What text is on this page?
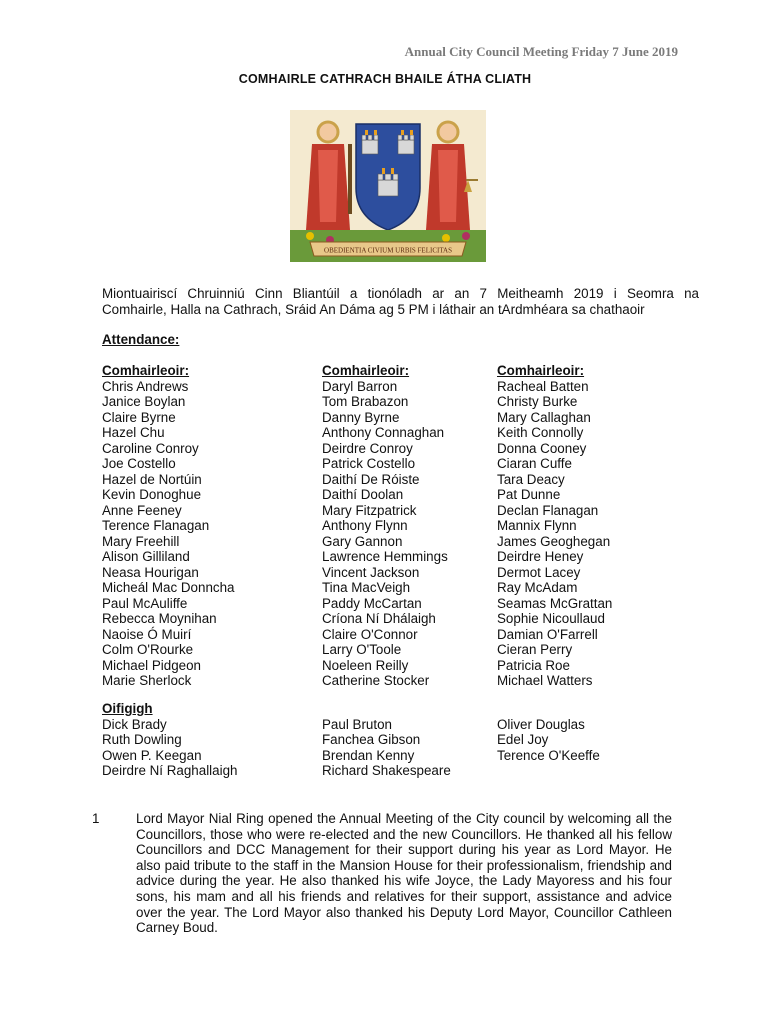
Annual City Council Meeting Friday 7 June 2019
COMHAIRLE CATHRACH BHAILE ÁTHA CLIATH
OBEDIENTIA CIVIUM URBIS FELICITAS
Miontuairiscí Chruinniú Cinn Bliantúil a tionóladh ar an 7 Meitheamh 2019 i Seomra na
Comhairle, Halla na Cathrach, Sráid An Dáma ag 5 PM i láthair an tArdmhéara sa chathaoir
Attendance:
Comhairleoir:
Chris Andrews
Janice Boylan
Claire Byrne
Hazel Chu
Caroline Conroy
Joe Costello
Hazel de Nortúin
Kevin Donoghue
Anne Feeney
Terence Flanagan
Mary Freehill
Alison Gilliland
Neasa Hourigan
Micheál Mac Donncha
Paul McAuliffe
Rebecca Moynihan
Naoise Ó Muirí
Colm O'Rourke
Michael Pidgeon
Marie Sherlock
Comhairleoir:
Daryl Barron
Tom Brabazon
Danny Byrne
Anthony Connaghan
Deirdre Conroy
Patrick Costello
Daithí De Róiste
Daithí Doolan
Mary Fitzpatrick
Anthony Flynn
Gary Gannon
Lawrence Hemmings
Vincent Jackson
Tina MacVeigh
Paddy McCartan
Críona Ní Dhálaigh
Claire O'Connor
Larry O'Toole
Noeleen Reilly
Catherine Stocker
Comhairleoir:
Racheal Batten
Christy Burke
Mary Callaghan
Keith Connolly
Donna Cooney
Ciaran Cuffe
Tara Deacy
Pat Dunne
Declan Flanagan
Mannix Flynn
James Geoghegan
Deirdre Heney
Dermot Lacey
Ray McAdam
Seamas McGrattan
Sophie Nicoullaud
Damian O'Farrell
Cieran Perry
Patricia Roe
Michael Watters
Oifigigh
Dick Brady
Ruth Dowling
Owen P. Keegan
Deirdre Ní Raghallaigh
Paul Bruton
Fanchea Gibson
Brendan Kenny
Richard Shakespeare
Oliver Douglas
Edel Joy
Terence O'Keeffe
1	Lord Mayor Nial Ring opened the Annual Meeting of the City council by welcoming all the Councillors, those who were re-elected and the new Councillors. He thanked all his fellow Councillors and DCC Management for their support during his year as Lord Mayor. He also paid tribute to the staff in the Mansion House for their professionalism, friendship and advice during the year. He also thanked his wife Joyce, the Lady Mayoress and his four sons, his mam and all his friends and relatives for their support, assistance and advice over the year. The Lord Mayor also thanked his Deputy Lord Mayor, Councillor Cathleen Carney Boud.
